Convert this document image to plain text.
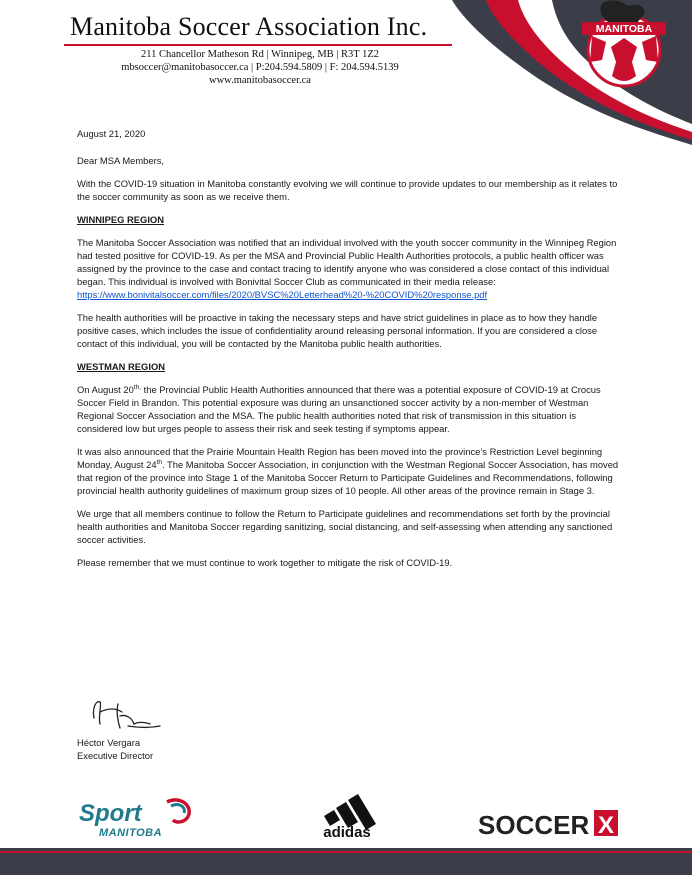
MANITOBA
Manitoba Soccer Association Inc.
211 Chancellor Matheson Rd | Winnipeg, MB | R3T 1Z2
mbsoccer@manitobasoccer.ca | P:204.594.5809 | F: 204.594.5139
www.manitobasoccer.ca

August 21, 2020

Dear MSA Members,

With the COVID-19 situation in Manitoba constantly evolving we will continue to provide updates to our membership as it relates to the soccer community as soon as we receive them.

WINNIPEG REGION

The Manitoba Soccer Association was notified that an individual involved with the youth soccer community in the Winnipeg Region had tested positive for COVID-19. As per the MSA and Provincial Public Health Authorities protocols, a public health officer was assigned by the province to the case and contact tracing to identify anyone who was considered a close contact of this individual began. This individual is involved with Bonivital Soccer Club as communicated in their media release: https://www.bonivitalsoccer.com/files/2020/BVSC%20Letterhead%20-%20COVID%20response.pdf

The health authorities will be proactive in taking the necessary steps and have strict guidelines in place as to how they handle positive cases, which includes the issue of confidentiality around releasing personal information. If you are considered a close contact of this individual, you will be contacted by the Manitoba public health authorities.

WESTMAN REGION

On August $20^{th,}$ the Provincial Public Health Authorities announced that there was a potential exposure of COVID-19 at Crocus Soccer Field in Brandon. This potential exposure was during an unsanctioned soccer activity by a non-member of Westman Regional Soccer Association and the MSA. The public health authorities noted that risk of transmission in this situation is considered low but urges people to assess their risk and seek testing if symptoms appear.

It was also announced that the Prairie Mountain Health Region has been moved into the province’s Restriction Level beginning Monday, August 24th. The Manitoba Soccer Association, in conjunction with the Westman Regional Soccer Association, has moved that region of the province into Stage 1 of the Manitoba Soccer Return to Participate Guidelines and Recommendations, following provincial health authority guidelines of maximum group sizes of 10 people. All other areas of the province remain in Stage 3.

We urge that all members continue to follow the Return to Participate guidelines and recommendations set forth by the provincial health authorities and Manitoba Soccer regarding sanitizing, social distancing, and self-assessing when attending any sanctioned soccer activities.

Please remember that we must continue to work together to mitigate the risk of COVID-19.

Héctor Vergara
Executive Director
Sport
MANITOBA	adidas	SOCCER X
